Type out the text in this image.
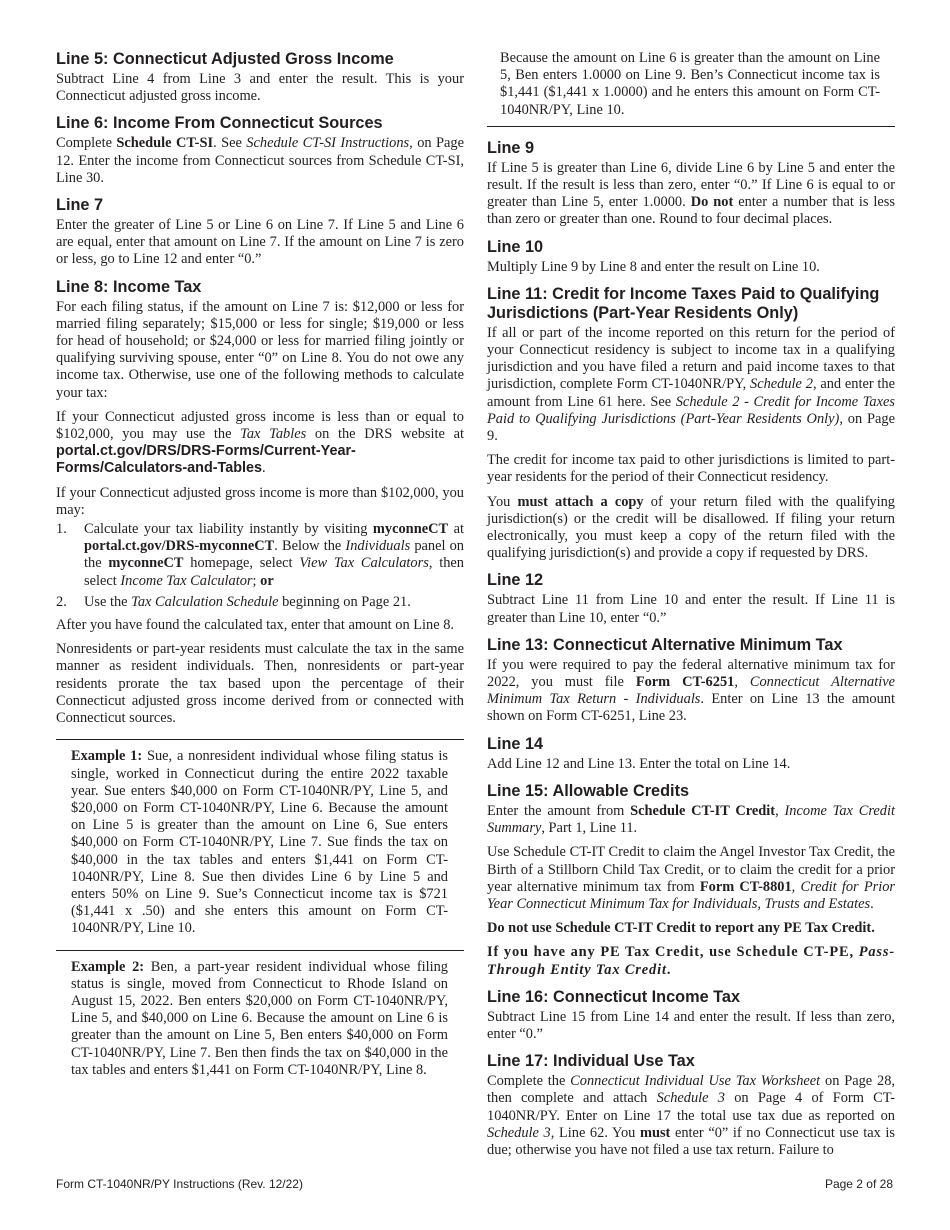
Line 5: Connecticut Adjusted Gross Income

Subtract Line 4 from Line 3 and enter the result. This is your Connecticut adjusted gross income.

Line 6: Income From Connecticut Sources

Complete Schedule CT-SI. See Schedule CT-SI Instructions, on Page 12. Enter the income from Connecticut sources from Schedule CT-SI, Line 30.

Line 7

Enter the greater of Line 5 or Line 6 on Line 7. If Line 5 and Line 6 are equal, enter that amount on Line 7. If the amount on Line 7 is zero or less, go to Line 12 and enter “0.”

Line 8: Income Tax

For each filing status, if the amount on Line 7 is: $12,000 or less for married filing separately; $15,000 or less for single; $19,000 or less for head of household; or $24,000 or less for married filing jointly or qualifying surviving spouse, enter “0” on Line 8. You do not owe any income tax. Otherwise, use one of the following methods to calculate your tax:

If your Connecticut adjusted gross income is less than or equal to $102,000, you may use the Tax Tables on the DRS website at portal.ct.gov/DRS/DRS-Forms/Current-Year-Forms/Calculators-and-Tables.

If your Connecticut adjusted gross income is more than $102,000, you may:

1. Calculate your tax liability instantly by visiting myconneCT at portal.ct.gov/DRS-myconneCT. Below the Individuals panel on the myconneCT homepage, select View Tax Calculators, then select Income Tax Calculator; or
2. Use the Tax Calculation Schedule beginning on Page 21.

After you have found the calculated tax, enter that amount on Line 8.

Nonresidents or part-year residents must calculate the tax in the same manner as resident individuals. Then, nonresidents or part-year residents prorate the tax based upon the percentage of their Connecticut adjusted gross income derived from or connected with Connecticut sources.

Example 1: Sue, a nonresident individual whose filing status is single, worked in Connecticut during the entire 2022 taxable year. Sue enters $40,000 on Form CT-1040NR/PY, Line 5, and $20,000 on Form CT-1040NR/PY, Line 6. Because the amount on Line 5 is greater than the amount on Line 6, Sue enters $40,000 on Form CT-1040NR/PY, Line 7. Sue finds the tax on $40,000 in the tax tables and enters $1,441 on Form CT-1040NR/PY, Line 8. Sue then divides Line 6 by Line 5 and enters 50% on Line 9. Sue’s Connecticut income tax is $721 ($1,441 x .50) and she enters this amount on Form CT-1040NR/PY, Line 10.

Example 2: Ben, a part-year resident individual whose filing status is single, moved from Connecticut to Rhode Island on August 15, 2022. Ben enters $20,000 on Form CT-1040NR/PY, Line 5, and $40,000 on Line 6. Because the amount on Line 6 is greater than the amount on Line 5, Ben enters $40,000 on Form CT-1040NR/PY, Line 7. Ben then finds the tax on $40,000 in the tax tables and enters $1,441 on Form CT-1040NR/PY, Line 8.

Because the amount on Line 6 is greater than the amount on Line 5, Ben enters 1.0000 on Line 9. Ben’s Connecticut income tax is $1,441 ($1,441 x 1.0000) and he enters this amount on Form CT-1040NR/PY, Line 10.

Line 9

If Line 5 is greater than Line 6, divide Line 6 by Line 5 and enter the result. If the result is less than zero, enter “0.” If Line 6 is equal to or greater than Line 5, enter 1.0000. Do not enter a number that is less than zero or greater than one. Round to four decimal places.

Line 10

Multiply Line 9 by Line 8 and enter the result on Line 10.

Line 11: Credit for Income Taxes Paid to Qualifying Jurisdictions (Part-Year Residents Only)

If all or part of the income reported on this return for the period of your Connecticut residency is subject to income tax in a qualifying jurisdiction and you have filed a return and paid income taxes to that jurisdiction, complete Form CT-1040NR/PY, Schedule 2, and enter the amount from Line 61 here. See Schedule 2 - Credit for Income Taxes Paid to Qualifying Jurisdictions (Part-Year Residents Only), on Page 9.

The credit for income tax paid to other jurisdictions is limited to part-year residents for the period of their Connecticut residency.

You must attach a copy of your return filed with the qualifying jurisdiction(s) or the credit will be disallowed. If filing your return electronically, you must keep a copy of the return filed with the qualifying jurisdiction(s) and provide a copy if requested by DRS.

Line 12

Subtract Line 11 from Line 10 and enter the result. If Line 11 is greater than Line 10, enter “0.”

Line 13: Connecticut Alternative Minimum Tax

If you were required to pay the federal alternative minimum tax for 2022, you must file Form CT-6251, Connecticut Alternative Minimum Tax Return - Individuals. Enter on Line 13 the amount shown on Form CT-6251, Line 23.

Line 14

Add Line 12 and Line 13. Enter the total on Line 14.

Line 15: Allowable Credits

Enter the amount from Schedule CT-IT Credit, Income Tax Credit Summary, Part 1, Line 11.

Use Schedule CT-IT Credit to claim the Angel Investor Tax Credit, the Birth of a Stillborn Child Tax Credit, or to claim the credit for a prior year alternative minimum tax from Form CT-8801, Credit for Prior Year Connecticut Minimum Tax for Individuals, Trusts and Estates.

Do not use Schedule CT-IT Credit to report any PE Tax Credit.

If you have any PE Tax Credit, use Schedule CT-PE, Pass-Through Entity Tax Credit.

Line 16: Connecticut Income Tax

Subtract Line 15 from Line 14 and enter the result. If less than zero, enter “0.”

Line 17: Individual Use Tax

Complete the Connecticut Individual Use Tax Worksheet on Page 28, then complete and attach Schedule 3 on Page 4 of Form CT-1040NR/PY. Enter on Line 17 the total use tax due as reported on Schedule 3, Line 62. You must enter “0” if no Connecticut use tax is due; otherwise you have not filed a use tax return. Failure to

Form CT-1040NR/PY Instructions (Rev. 12/22)	Page 2 of 28
